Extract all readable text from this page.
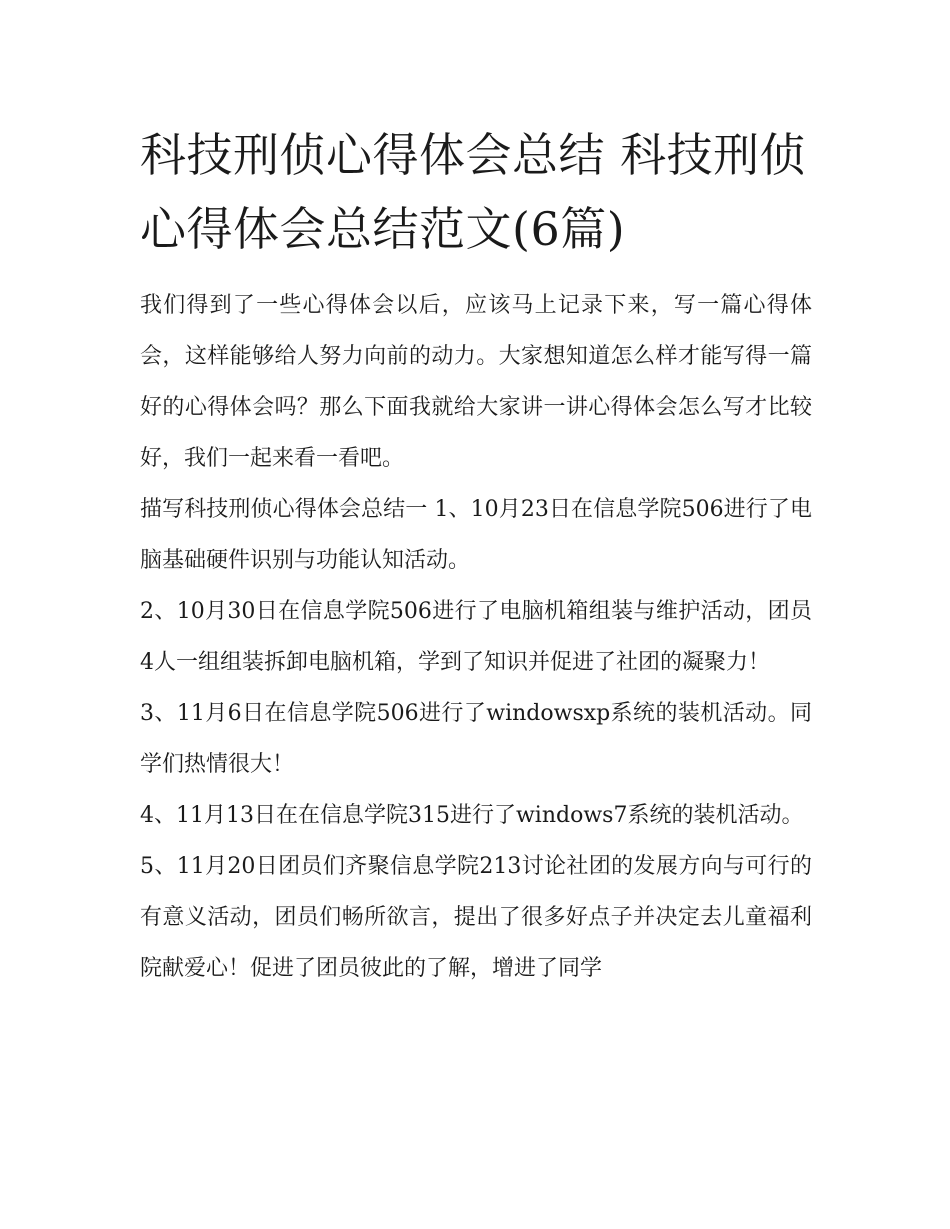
科技刑侦心得体会总结 科技刑侦心得体会总结范文(6篇)

我们得到了一些心得体会以后，应该马上记录下来，写一篇心得体会，这样能够给人努力向前的动力。大家想知道怎么样才能写得一篇好的心得体会吗？那么下面我就给大家讲一讲心得体会怎么写才比较好，我们一起来看一看吧。

描写科技刑侦心得体会总结一 1、10月23日在信息学院506进行了电脑基础硬件识别与功能认知活动。

2、10月30日在信息学院506进行了电脑机箱组装与维护活动，团员4人一组组装拆卸电脑机箱，学到了知识并促进了社团的凝聚力！

3、11月6日在信息学院506进行了windowsxp系统的装机活动。同学们热情很大！

4、11月13日在在信息学院315进行了windows7系统的装机活动。

5、11月20日团员们齐聚信息学院213讨论社团的发展方向与可行的有意义活动，团员们畅所欲言，提出了很多好点子并决定去儿童福利院献爱心！促进了团员彼此的了解，增进了同学
